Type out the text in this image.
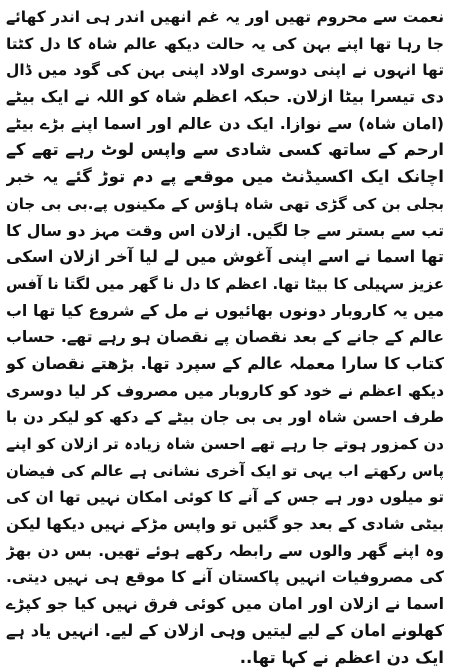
نعمت سے محروم تھیں اور یہ غم انھیں اندر ہی اندر کھائے
جا رہا تھا اپنے بہن کی یہ حالت دیکھ عالم شاہ کا دل کٹتا
تھا انہوں نے اپنی دوسری اولاد اپنی بہن کی گود میں ڈال
دی تیسرا بیٹا ازلان. حبکہ اعظم شاہ کو اللہ نے ایک بیٹے
(امان شاہ) سے نوازا. ایک دن عالم اور اسما اپنے بڑے بیٹے
ارحم کے ساتھ کسی شادی سے واپس لوٹ رہے تھے کے
اچانک ایک اکسیڈنٹ میں موقعے پے دم توڑ گئے یہ خبر
بجلی بن کی گڑی تھی شاہ ہاؤس کے مکینوں پے.بی بی جان
تب سے بستر سے جا لگیں. ازلان اس وقت مہز دو سال کا
تھا اسما نے اسے اپنی آغوش میں لے لیا آخر ازلان اسکی
عزیز سہیلی کا بیٹا تھا. اعظم کا دل نا گھر میں لگتا نا آفس
میں یہ کاروبار دونوں بھائیوں نے مل کے شروع کیا تھا اب
عالم کے جانے کے بعد نقصان پے نقصان ہو رہے تھے. حساب
کتاب کا سارا معملہ عالم کے سپرد تھا. بڑھتے نقصان کو
دیکھ اعظم نے خود کو کاروبار میں مصروف کر لیا دوسری
طرف احسن شاہ اور بی بی جان بیٹے کے دکھ کو لیکر دن با
دن کمزور ہوتے جا رہے تھے احسن شاہ زیادہ تر ازلان کو اپنے
پاس رکھتے اب یہی تو ایک آخری نشانی ہے عالم کی فیضان
تو میلوں دور ہے جس کے آنے کا کوئی امکان نہیں تھا ان کی
بیٹی شادی کے بعد جو گئیں تو واپس مڑکے نہیں دیکھا لیکن
وہ اپنے گھر والوں سے رابطہ رکھے ہوئے تھیں. بس دن بھڑ
کی مصروفیات انہیں پاکستان آنے کا موقع ہی نہیں دیتی.
اسما نے ازلان اور امان میں کوئی فرق نہیں کیا جو کپڑے
کھلونے امان کے لیے لیتیں وہی ازلان کے لیے. انہیں یاد ہے
ایک دن اعظم نے کہا تھا..
